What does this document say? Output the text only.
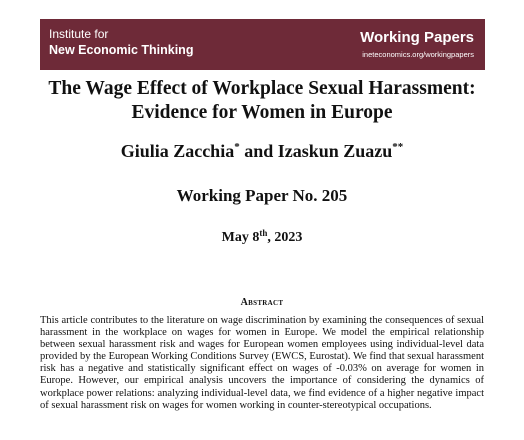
Institute for
New Economic Thinking
Working Papers
ineteconomics.org/workingpapers
The Wage Effect of Workplace Sexual Harassment: Evidence for Women in Europe
Giulia Zacchia* and Izaskun Zuazu**
Working Paper No. 205
May 8th, 2023
Abstract
This article contributes to the literature on wage discrimination by examining the consequences of sexual harassment in the workplace on wages for women in Europe. We model the empirical relationship between sexual harassment risk and wages for European women employees using individual-level data provided by the European Working Conditions Survey (EWCS, Eurostat). We find that sexual harassment risk has a negative and statistically significant effect on wages of -0.03% on average for women in Europe. However, our empirical analysis uncovers the importance of considering the dynamics of workplace power relations: analyzing individual-level data, we find evidence of a higher negative impact of sexual harassment risk on wages for women working in counter-stereotypical occupations.
